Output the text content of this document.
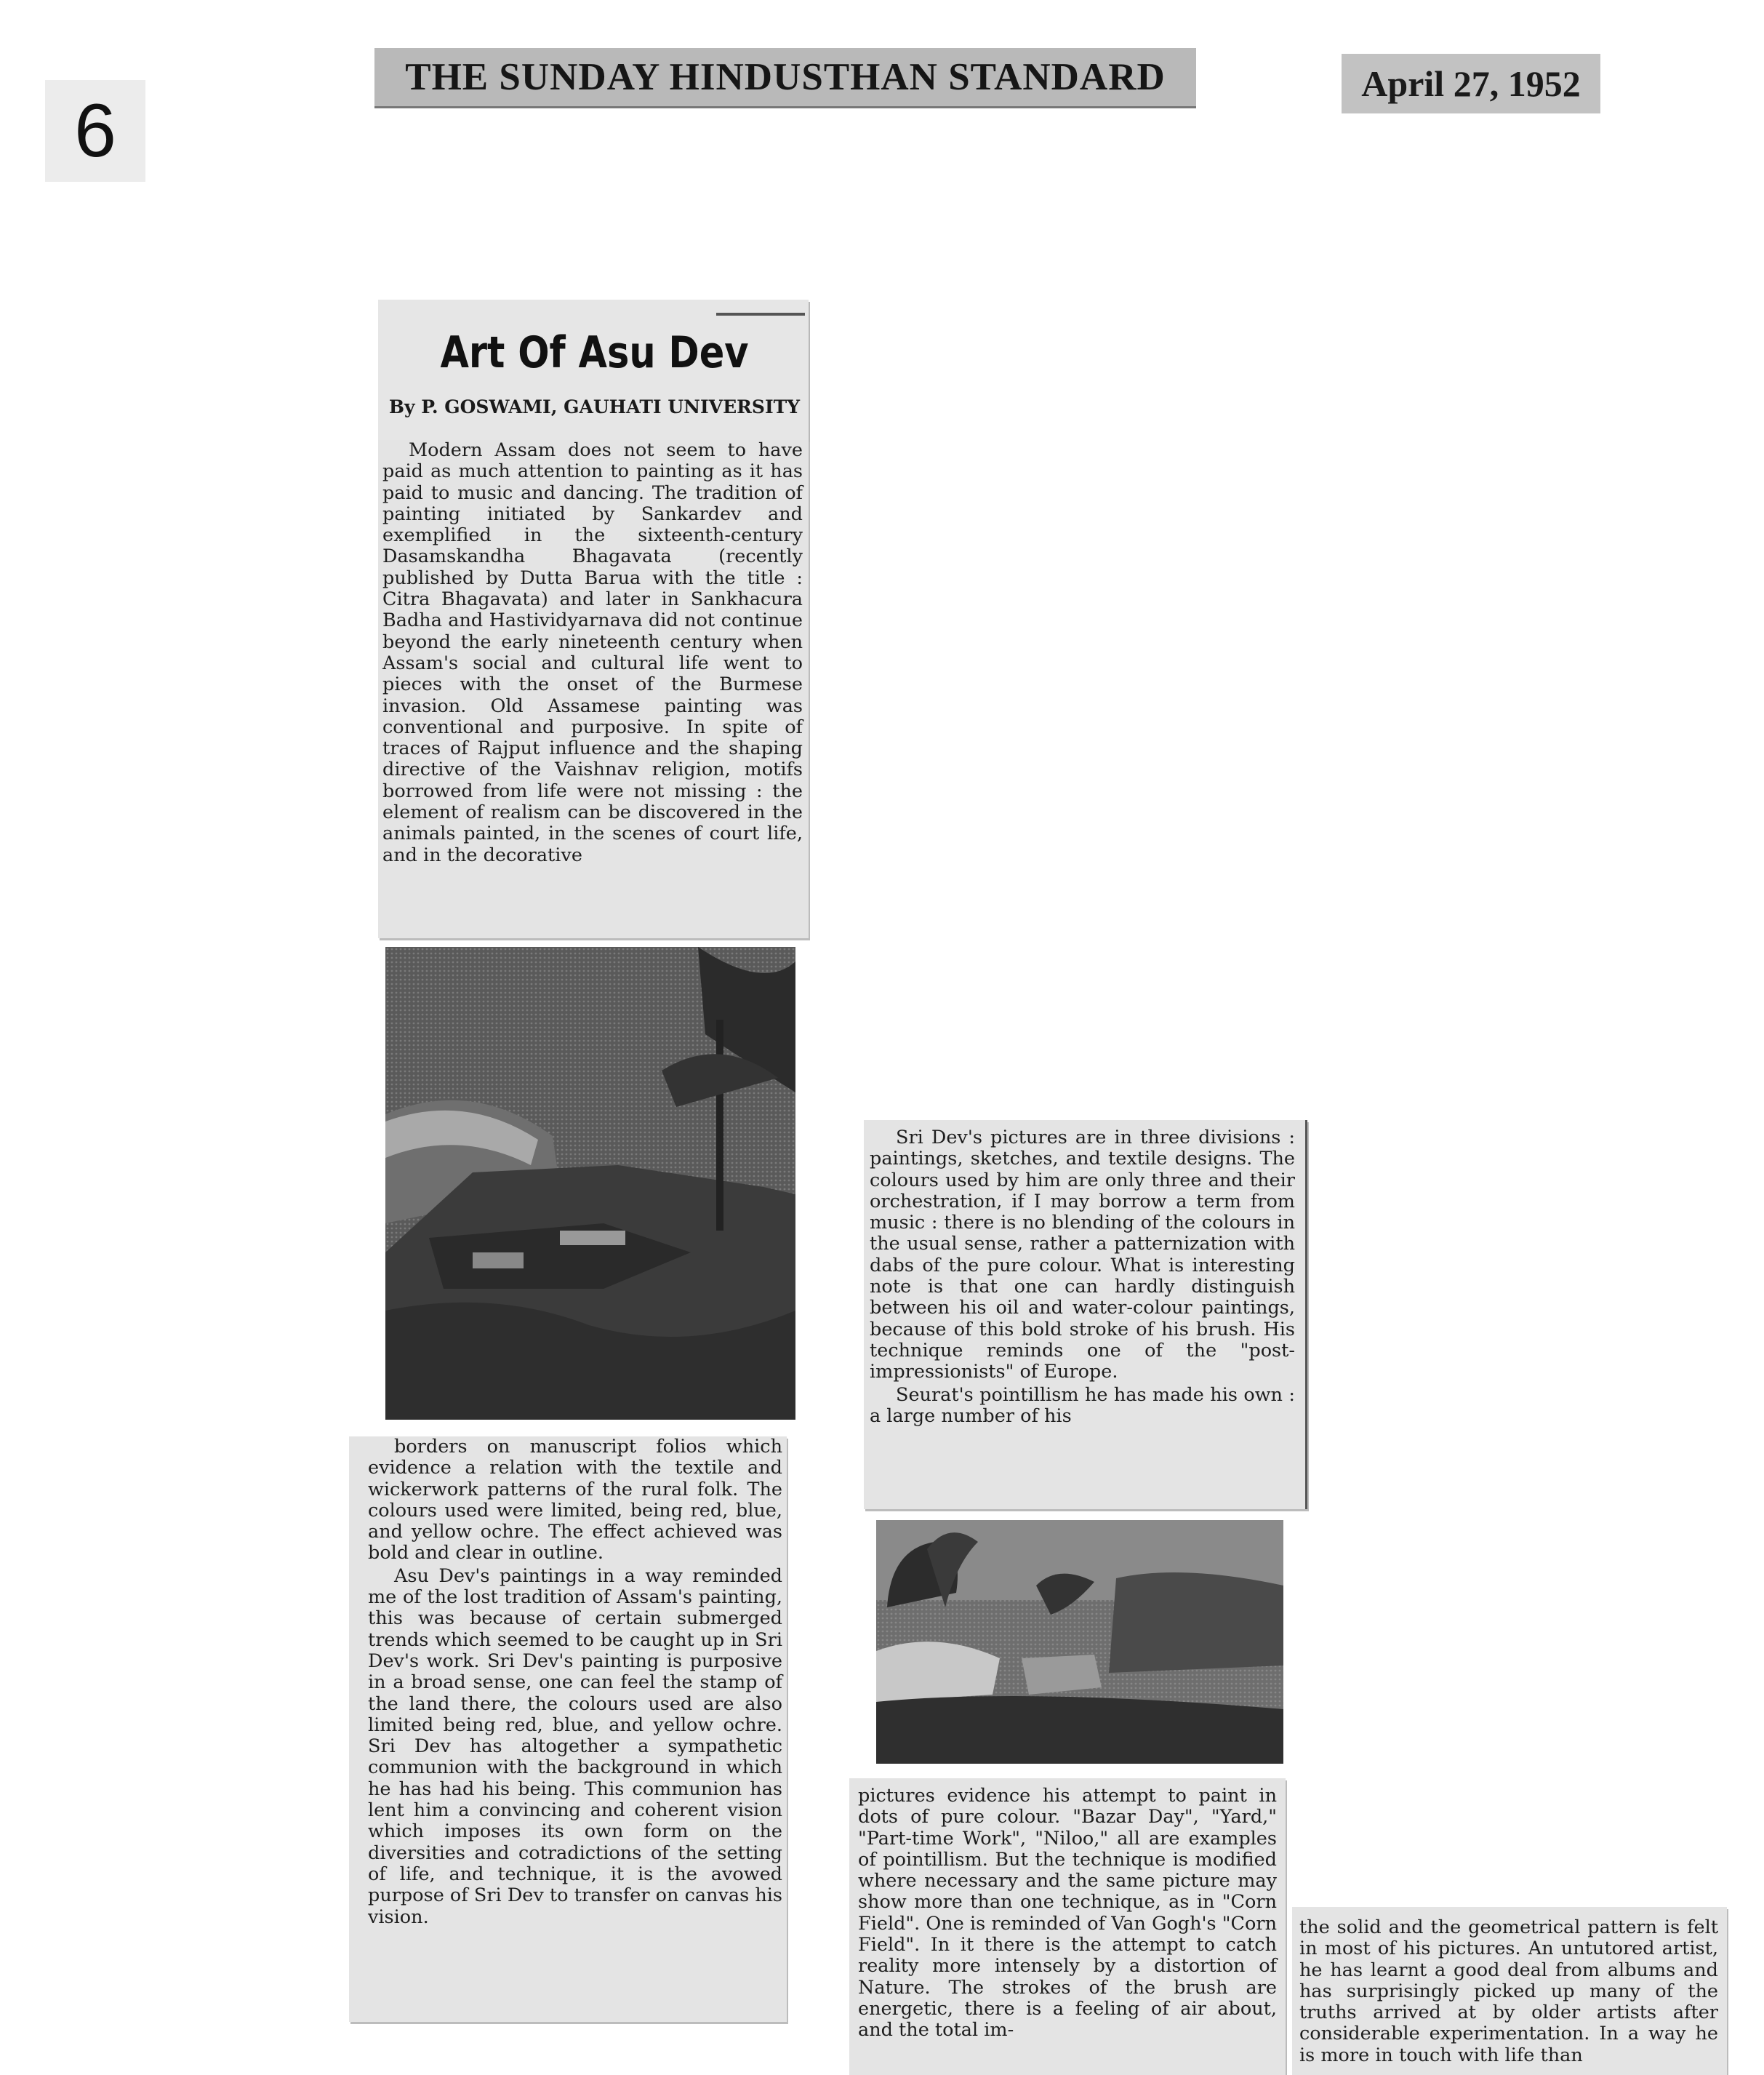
6
THE SUNDAY HINDUSTHAN STANDARD	April 27, 1952
Art Of Asu Dev
By P. GOSWAMI, GAUHATI UNIVERSITY

Modern Assam does not seem to have paid as much attention to painting as it has paid to music and dancing. The tradition of painting initiated by Sankardev and exemplified in the sixteenth-century Dasamskandha Bhagavata (recently published by Dutta Barua with the title : Citra Bhagavata) and later in Sankhacura Badha and Hastividyarnava did not continue beyond the early nineteenth century when Assam's social and cultural life went to pieces with the onset of the Burmese invasion. Old Assamese painting was conventional and purposive. In spite of traces of Rajput influence and the shaping directive of the Vaishnav religion, motifs borrowed from life were not missing : the element of realism can be discovered in the animals painted, in the scenes of court life, and in the decorative

borders on manuscript folios which evidence a relation with the textile and wickerwork patterns of the rural folk. The colours used were limited, being red, blue, and yellow ochre. The effect achieved was bold and clear in outline.

Asu Dev's paintings in a way reminded me of the lost tradition of Assam's painting, this was because of certain submerged trends which seemed to be caught up in Sri Dev's work. Sri Dev's painting is purposive in a broad sense, one can feel the stamp of the land there, the colours used are also limited being red, blue, and yellow ochre. Sri Dev has altogether a sympathetic communion with the background in which he has had his being. This communion has lent him a convincing and coherent vision which imposes its own form on the diversities and cotradictions of the setting of life, and technique, it is the avowed purpose of Sri Dev to transfer on canvas his vision.

Sri Dev's pictures are in three divisions : paintings, sketches, and textile designs. The colours used by him are only three and their orchestration, if I may borrow a term from music : there is no blending of the colours in the usual sense, rather a patternization with dabs of the pure colour. What is interesting note is that one can hardly distinguish between his oil and water-colour paintings, because of this bold stroke of his brush. His technique reminds one of the "post-impressionists" of Europe.

Seurat's pointillism he has made his own : a large number of his

pictures evidence his attempt to paint in dots of pure colour. "Bazar Day", "Yard," "Part-time Work", "Niloo," all are examples of pointillism. But the technique is modified where necessary and the same picture may show more than one technique, as in "Corn Field". One is reminded of Van Gogh's "Corn Field". In it there is the attempt to catch reality more intensely by a distortion of Nature. The strokes of the brush are energetic, there is a feeling of air about, and the total im-

the solid and the geometrical pattern is felt in most of his pictures. An untutored artist, he has learnt a good deal from albums and has surprisingly picked up many of the truths arrived at by older artists after considerable experimentation. In a way he is more in touch with life than
